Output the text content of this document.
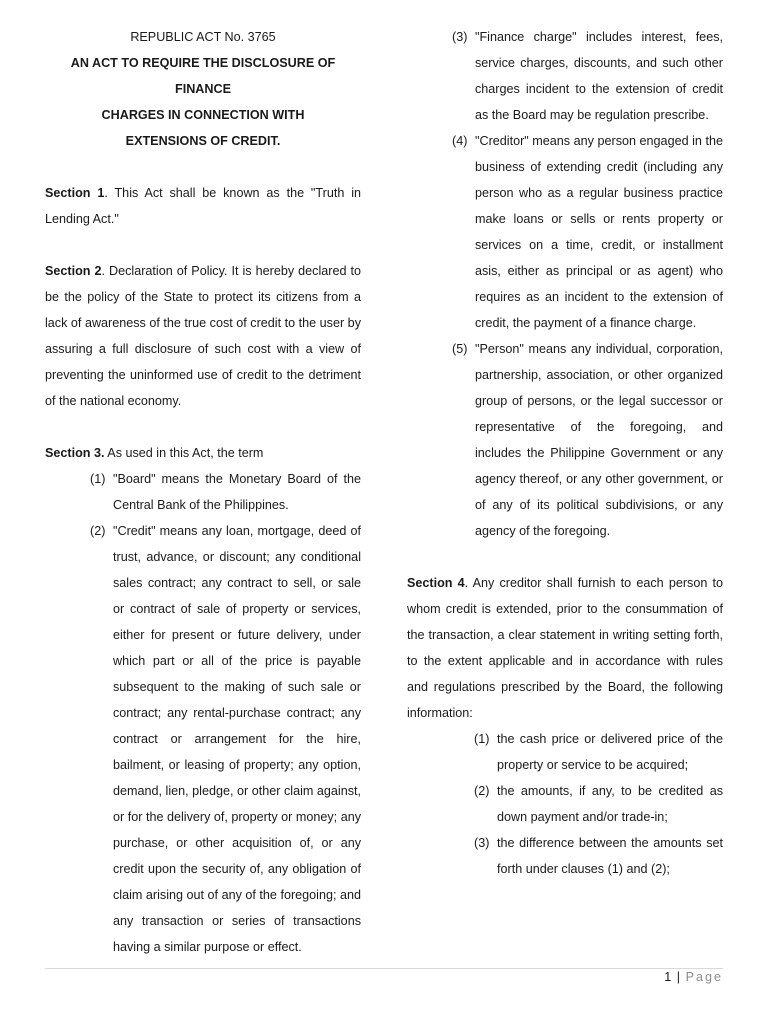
REPUBLIC ACT No. 3765
AN ACT TO REQUIRE THE DISCLOSURE OF FINANCE
CHARGES IN CONNECTION WITH
EXTENSIONS OF CREDIT.

Section 1. This Act shall be known as the "Truth in Lending Act."

Section 2. Declaration of Policy. It is hereby declared to be the policy of the State to protect its citizens from a lack of awareness of the true cost of credit to the user by assuring a full disclosure of such cost with a view of preventing the uninformed use of credit to the detriment of the national economy.

Section 3. As used in this Act, the term

(1) "Board" means the Monetary Board of the Central Bank of the Philippines.
(2) "Credit" means any loan, mortgage, deed of trust, advance, or discount; any conditional sales contract; any contract to sell, or sale or contract of sale of property or services, either for present or future delivery, under which part or all of the price is payable subsequent to the making of such sale or contract; any rental-purchase contract; any contract or arrangement for the hire, bailment, or leasing of property; any option, demand, lien, pledge, or other claim against, or for the delivery of, property or money; any purchase, or other acquisition of, or any credit upon the security of, any obligation of claim arising out of any of the foregoing; and any transaction or series of transactions having a similar purpose or effect.
(3) "Finance charge" includes interest, fees, service charges, discounts, and such other charges incident to the extension of credit as the Board may be regulation prescribe.
(4) "Creditor" means any person engaged in the business of extending credit (including any person who as a regular business practice make loans or sells or rents property or services on a time, credit, or installment asis, either as principal or as agent) who requires as an incident to the extension of credit, the payment of a finance charge.
(5) "Person" means any individual, corporation, partnership, association, or other organized group of persons, or the legal successor or representative of the foregoing, and includes the Philippine Government or any agency thereof, or any other government, or of any of its political subdivisions, or any agency of the foregoing.

Section 4. Any creditor shall furnish to each person to whom credit is extended, prior to the consummation of the transaction, a clear statement in writing setting forth, to the extent applicable and in accordance with rules and regulations prescribed by the Board, the following information:

(1) the cash price or delivered price of the property or service to be acquired;
(2) the amounts, if any, to be credited as down payment and/or trade-in;
(3) the difference between the amounts set forth under clauses (1) and (2);
1 | Page
